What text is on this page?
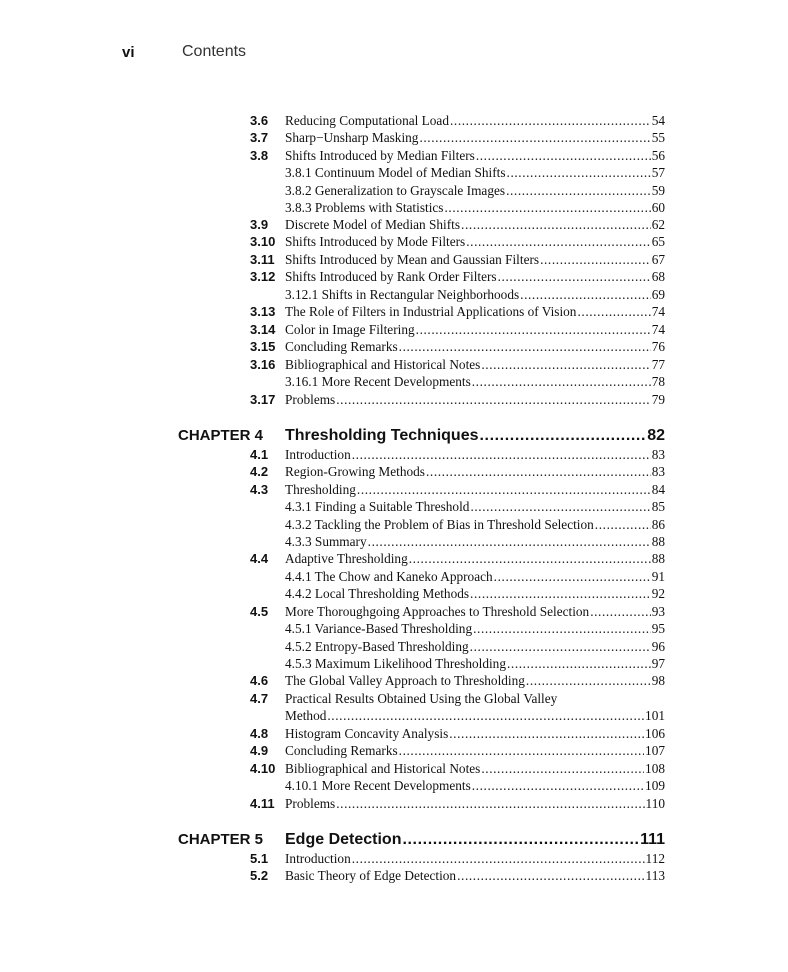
vi	Contents
3.6 Reducing Computational Load .....	54
3.7 Sharp−Unsharp Masking .....	55
3.8 Shifts Introduced by Median Filters .....	56
3.8.1 Continuum Model of Median Shifts .....	57
3.8.2 Generalization to Grayscale Images .....	59
3.8.3 Problems with Statistics .....	60
3.9 Discrete Model of Median Shifts .....	62
3.10 Shifts Introduced by Mode Filters .....	65
3.11 Shifts Introduced by Mean and Gaussian Filters .....	67
3.12 Shifts Introduced by Rank Order Filters .....	68
3.12.1 Shifts in Rectangular Neighborhoods .....	69
3.13 The Role of Filters in Industrial Applications of Vision .....	74
3.14 Color in Image Filtering .....	74
3.15 Concluding Remarks .....	76
3.16 Bibliographical and Historical Notes .....	77
3.16.1 More Recent Developments .....	78
3.17 Problems .....	79
CHAPTER 4 Thresholding Techniques .....	82
4.1 Introduction .....	83
4.2 Region-Growing Methods .....	83
4.3 Thresholding .....	84
4.3.1 Finding a Suitable Threshold .....	85
4.3.2 Tackling the Problem of Bias in Threshold Selection .....	86
4.3.3 Summary .....	88
4.4 Adaptive Thresholding .....	88
4.4.1 The Chow and Kaneko Approach .....	91
4.4.2 Local Thresholding Methods .....	92
4.5 More Thoroughgoing Approaches to Threshold Selection .....	93
4.5.1 Variance-Based Thresholding .....	95
4.5.2 Entropy-Based Thresholding .....	96
4.5.3 Maximum Likelihood Thresholding .....	97
4.6 The Global Valley Approach to Thresholding .....	98
4.7 Practical Results Obtained Using the Global Valley
Method .....	101
4.8 Histogram Concavity Analysis .....	106
4.9 Concluding Remarks .....	107
4.10 Bibliographical and Historical Notes .....	108
4.10.1 More Recent Developments .....	109
4.11 Problems .....	110
CHAPTER 5 Edge Detection .....	111
5.1 Introduction .....	112
5.2 Basic Theory of Edge Detection .....	113
